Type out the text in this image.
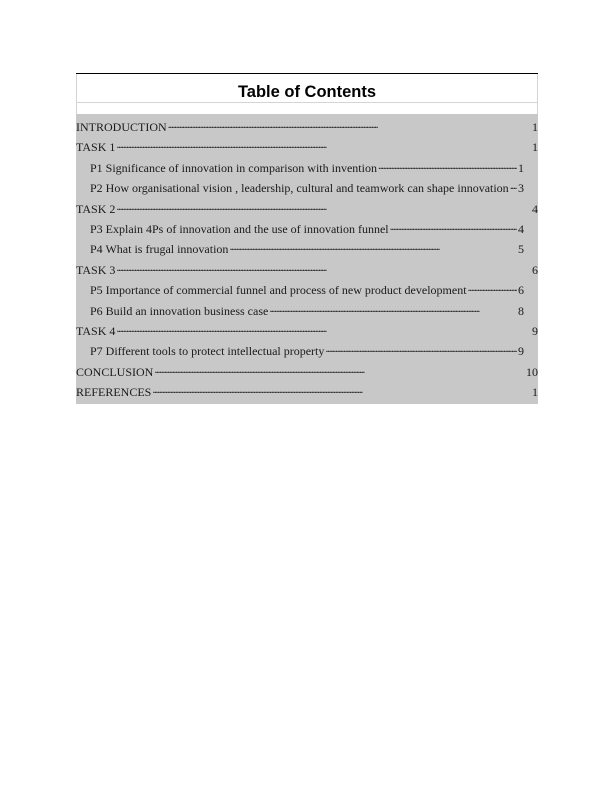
Table of Contents
INTRODUCTION . . .	1
TASK 1 . . .	1
P1 Significance of innovation in comparison with invention . . .	1
P2 How organisational vision , leadership, cultural and teamwork can shape innovation . . . 3
TASK 2 . . .	4
P3 Explain 4Ps of innovation and the use of innovation funnel . . .	4
P4 What is frugal innovation . . .	5
TASK 3 . . .	6
P5 Importance of commercial funnel and process of new product development . . .	6
P6 Build an innovation business case . . .	8
TASK 4 . . .	9
P7 Different tools to protect intellectual property . . .	9
CONCLUSION . . .	10
REFERENCES . . .	1
